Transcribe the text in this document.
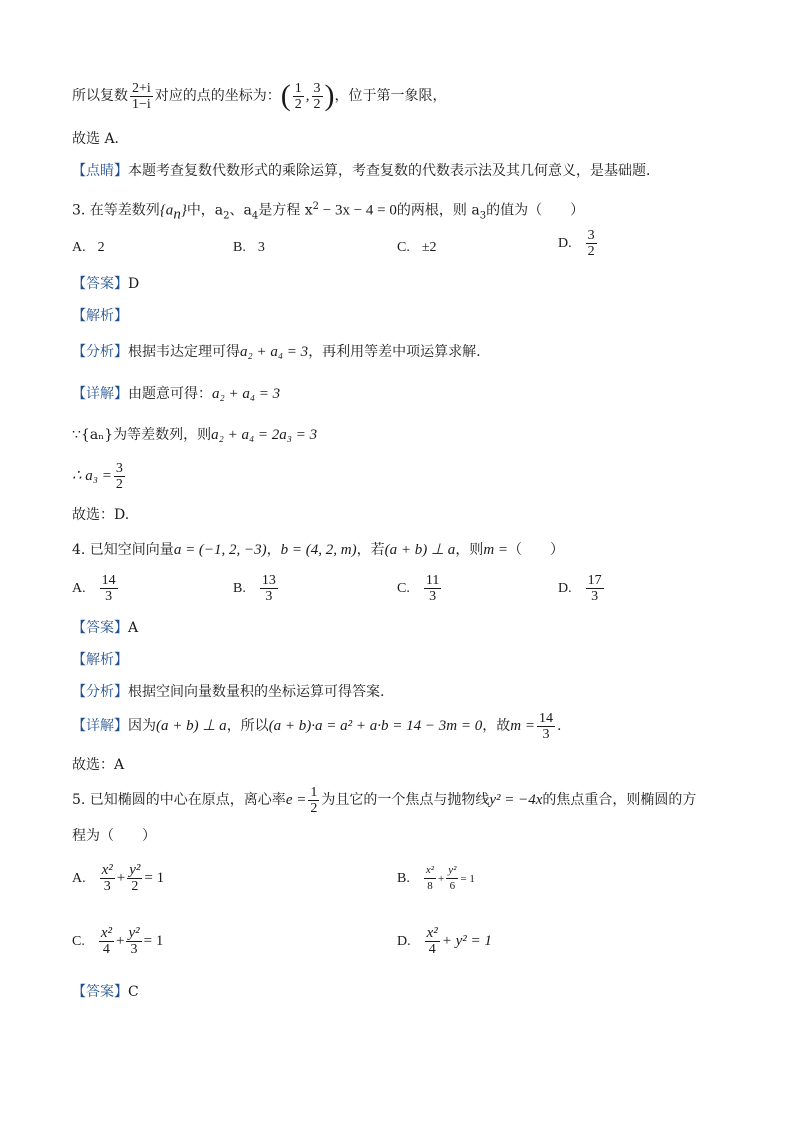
所以复数 $\frac{2+i}{1-i}$ 对应的点的坐标为： ( $\frac{1}{2}$ , $\frac{3}{2}$ ) ，位于第一象限，
故选 A．
【点睛】本题考查复数代数形式的乘除运算，考查复数的代数表示法及其几何意义，是基础题．
3. 在等差数列$\{a_n\}$中，$a_2$、$a_4$是方程 $x^2 - 3x - 4 = 0$的两根，则 $a_3$的值为（　　）
A. 2	B. 3	C. ±2	D. $\frac{3}{2}$
【答案】D
【解析】
【分析】根据韦达定理可得a₂ + a₄ = 3，再利用等差中项运算求解.
【详解】由题意可得：a₂ + a₄ = 3
∵{aₙ}为等差数列，则a₂ + a₄ = 2a₃ = 3
∴ $a_3 = \frac{3}{2}$
故选：D.
4. 已知空间向量a = (−1, 2, −3)，b = (4, 2, m)，若(a + b) ⊥ a，则m =（　　）
A. $\frac{14}{3}$	B. $\frac{13}{3}$	C. $\frac{11}{3}$	D. $\frac{17}{3}$
【答案】A
【解析】
【分析】根据空间向量数量积的坐标运算可得答案.
【详解】 因为 (a + b) ⊥ a ，所以 (a + b)·a = a² + a·b = 14 − 3m = 0 ，故 $m = \frac{14}{3}$ .
故选：A
5. 已知椭圆的中心在原点，离心率 $e = \frac{1}{2}$ 为且它的一个焦点与抛物线 y² = −4x 的焦点重合，则椭圆的方
程为（　　）
A. $\frac{\text{x²}}{3} + \frac{\text{y²}}{2} = 1$	B. $\frac{\text{x²}}{8} + \frac{\text{y²}}{6} = 1$
C. $\frac{\text{x²}}{4} + \frac{\text{y²}}{3} = 1$	D. $\frac{\text{x²}}{4} + y^2 = 1$
【答案】C
